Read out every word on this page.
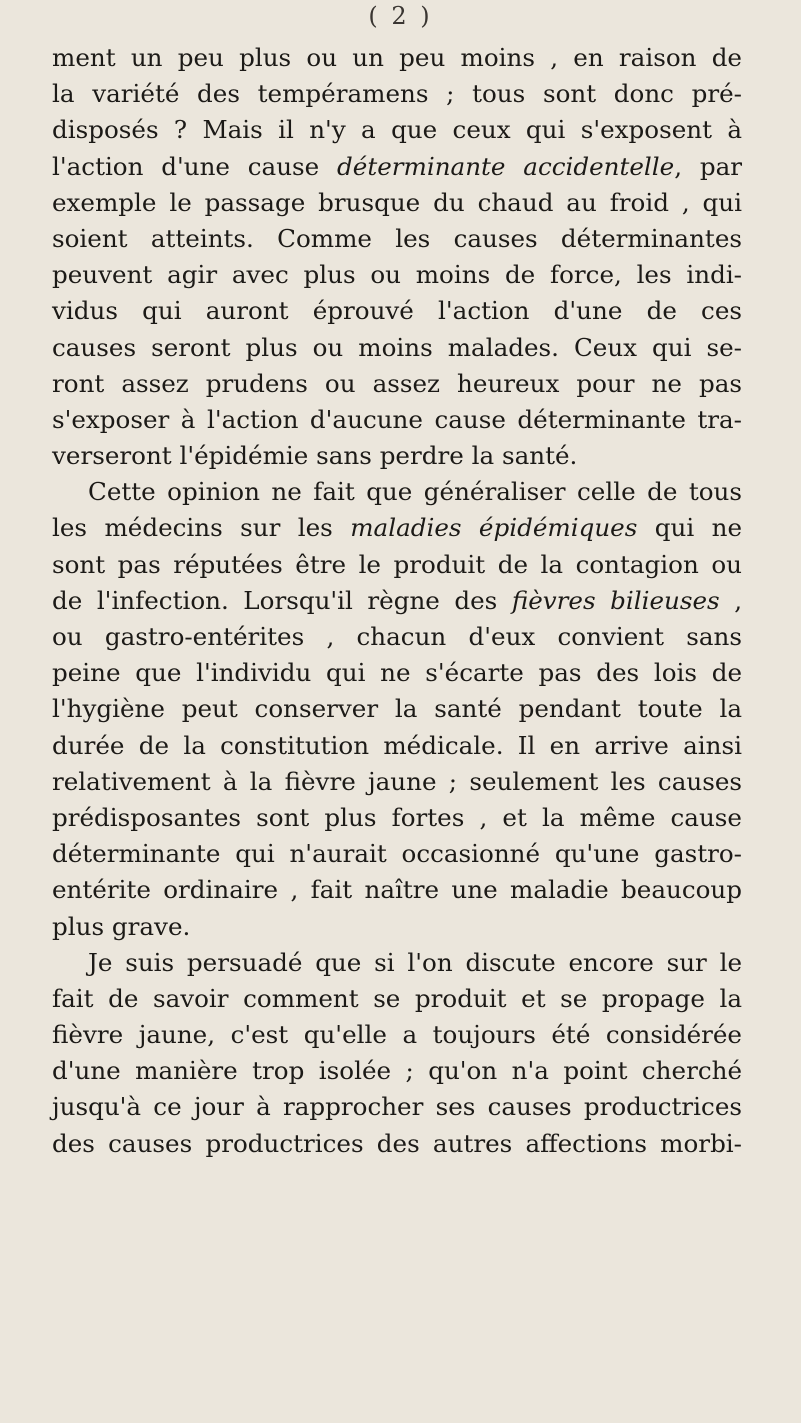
( 2 )
ment un peu plus ou un peu moins , en raison de
la variété des tempéramens ; tous sont donc pré-
disposés ? Mais il n'y a que ceux qui s'exposent à
l'action d'une cause déterminante accidentelle, par
exemple le passage brusque du chaud au froid , qui
soient atteints. Comme les causes déterminantes
peuvent agir avec plus ou moins de force, les indi-
vidus qui auront éprouvé l'action d'une de ces
causes seront plus ou moins malades. Ceux qui se-
ront assez prudens ou assez heureux pour ne pas
s'exposer à l'action d'aucune cause déterminante tra-
verseront l'épidémie sans perdre la santé.
Cette opinion ne fait que généraliser celle de tous
les médecins sur les maladies épidémiques qui ne
sont pas réputées être le produit de la contagion ou
de l'infection. Lorsqu'il règne des fièvres bilieuses ,
ou gastro-entérites , chacun d'eux convient sans
peine que l'individu qui ne s'écarte pas des lois de
l'hygiène peut conserver la santé pendant toute la
durée de la constitution médicale. Il en arrive ainsi
relativement à la fièvre jaune ; seulement les causes
prédisposantes sont plus fortes , et la même cause
déterminante qui n'aurait occasionné qu'une gastro-
entérite ordinaire , fait naître une maladie beaucoup
plus grave.
Je suis persuadé que si l'on discute encore sur le
fait de savoir comment se produit et se propage la
fièvre jaune, c'est qu'elle a toujours été considérée
d'une manière trop isolée ; qu'on n'a point cherché
jusqu'à ce jour à rapprocher ses causes productrices
des causes productrices des autres affections morbi-
